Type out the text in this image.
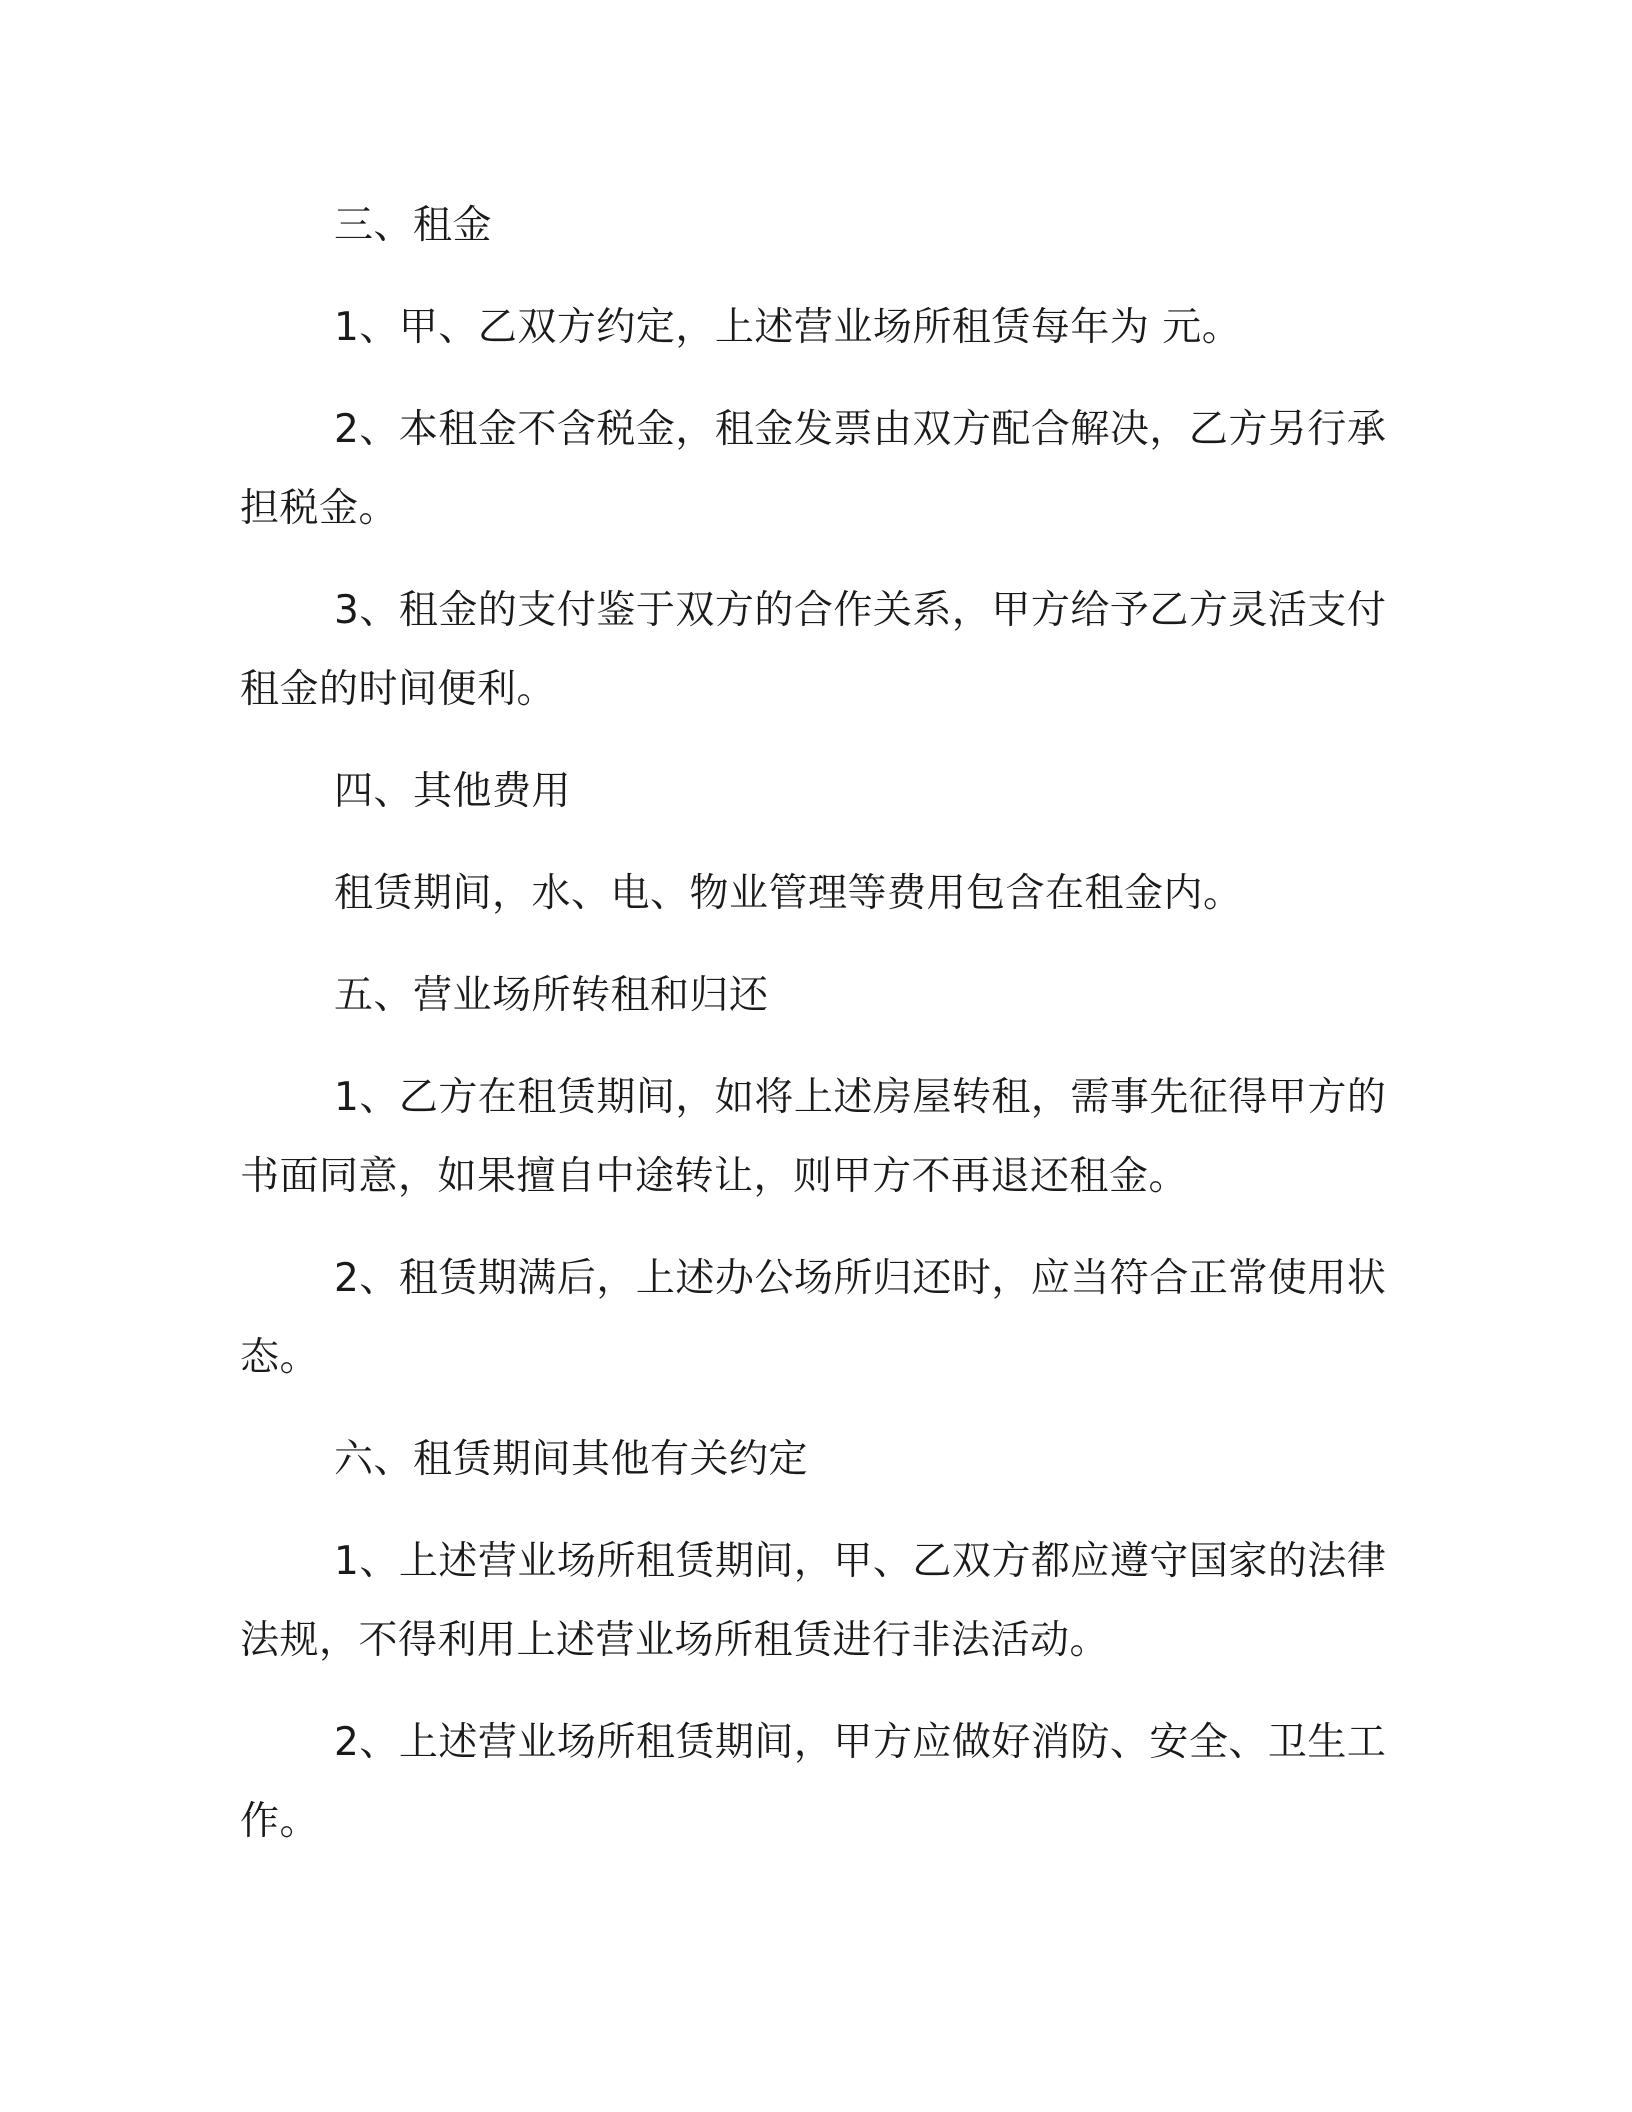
三、租金

1、甲、乙双方约定，上述营业场所租赁每年为 元。

2、本租金不含税金，租金发票由双方配合解决，乙方另行承担税金。

3、租金的支付鉴于双方的合作关系，甲方给予乙方灵活支付租金的时间便利。

四、其他费用

租赁期间，水、电、物业管理等费用包含在租金内。

五、营业场所转租和归还

1、乙方在租赁期间，如将上述房屋转租，需事先征得甲方的书面同意，如果擅自中途转让，则甲方不再退还租金。

2、租赁期满后，上述办公场所归还时，应当符合正常使用状态。

六、租赁期间其他有关约定

1、上述营业场所租赁期间，甲、乙双方都应遵守国家的法律法规，不得利用上述营业场所租赁进行非法活动。

2、上述营业场所租赁期间，甲方应做好消防、安全、卫生工作。
